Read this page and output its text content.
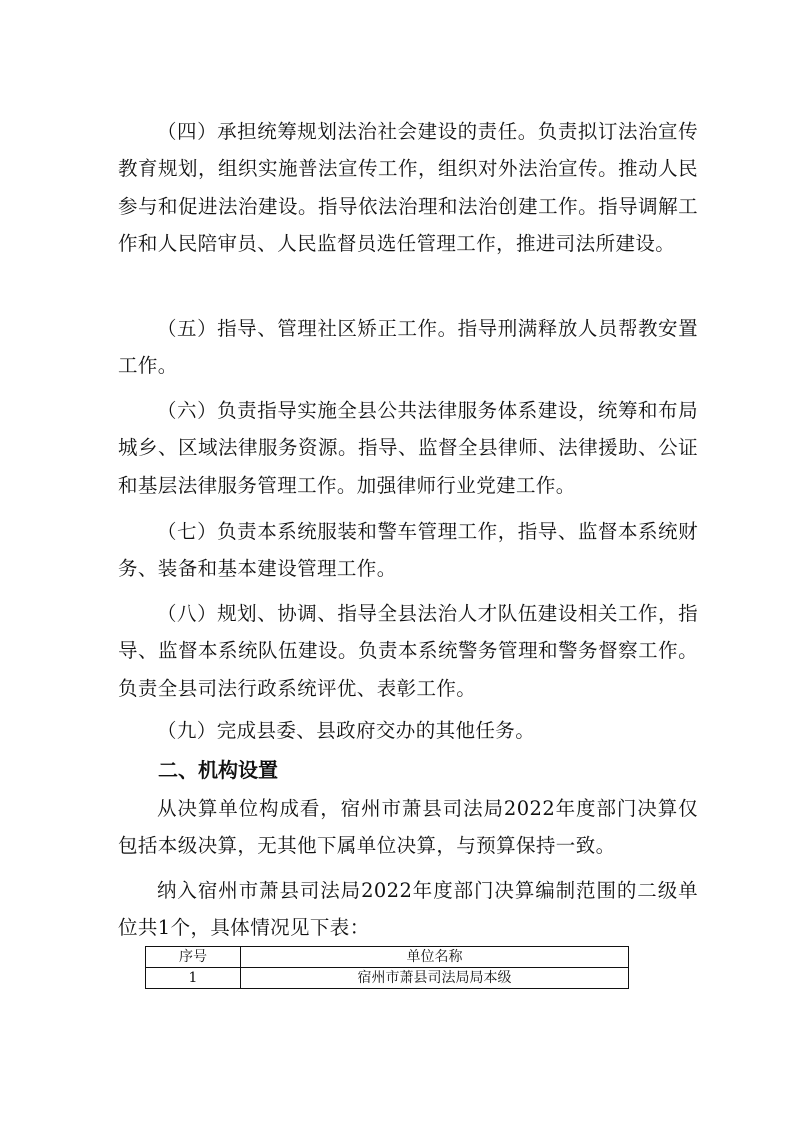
（四）承担统筹规划法治社会建设的责任。负责拟订法治宣传教育规划，组织实施普法宣传工作，组织对外法治宣传。推动人民参与和促进法治建设。指导依法治理和法治创建工作。指导调解工作和人民陪审员、人民监督员选任管理工作，推进司法所建设。

（五）指导、管理社区矫正工作。指导刑满释放人员帮教安置工作。

（六）负责指导实施全县公共法律服务体系建设，统筹和布局城乡、区域法律服务资源。指导、监督全县律师、法律援助、公证和基层法律服务管理工作。加强律师行业党建工作。

（七）负责本系统服装和警车管理工作，指导、监督本系统财务、装备和基本建设管理工作。

（八）规划、协调、指导全县法治人才队伍建设相关工作，指导、监督本系统队伍建设。负责本系统警务管理和警务督察工作。负责全县司法行政系统评优、表彰工作。

（九）完成县委、县政府交办的其他任务。

二、机构设置

从决算单位构成看，宿州市萧县司法局2022年度部门决算仅包括本级决算，无其他下属单位决算，与预算保持一致。

纳入宿州市萧县司法局2022年度部门决算编制范围的二级单位共1个，具体情况见下表：

序号	单位名称
1	宿州市萧县司法局局本级
